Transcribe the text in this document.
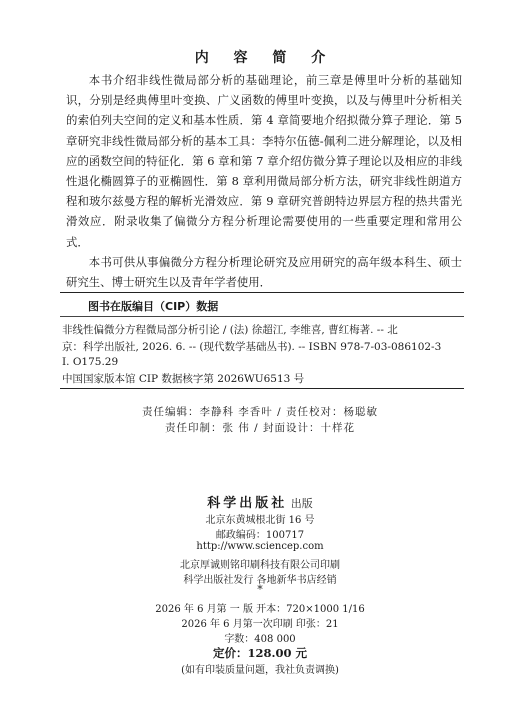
内 容 简 介

本书介绍非线性微局部分析的基础理论，前三章是傅里叶分析的基础知识，分别是经典傅里叶变换、广义函数的傅里叶变换，以及与傅里叶分析相关的索伯列夫空间的定义和基本性质．第 4 章简要地介绍拟微分算子理论．第 5 章研究非线性微局部分析的基本工具：李特尔伍德-佩利二进分解理论，以及相应的函数空间的特征化．第 6 章和第 7 章介绍仿微分算子理论以及相应的非线性退化椭圆算子的亚椭圆性．第 8 章利用微局部分析方法，研究非线性朗道方程和玻尔兹曼方程的解析光滑效应．第 9 章研究普朗特边界层方程的热共雷光滑效应．附录收集了偏微分方程分析理论需要使用的一些重要定理和常用公式．

本书可供从事偏微分方程分析理论研究及应用研究的高年级本科生、硕士研究生、博士研究生以及青年学者使用．

图书在版编目（CIP）数据
非线性偏微分方程微局部分析引论 / (法) 徐超江, 李维喜, 曹红梅著. -- 北
京：科学出版社, 2026. 6. -- (现代数学基础丛书). -- ISBN 978-7-03-086102-3
Ⅰ. O175.29
中国国家版本馆 CIP 数据核字第 2026WU6513 号
责任编辑：李静科 李香叶 / 责任校对：杨聪敏
责任印制：张 伟 / 封面设计：十样花
科学出版社 出版
北京东黄城根北街 16 号
邮政编码：100717
http://www.sciencep.com
北京厚诚则铭印刷科技有限公司印刷
科学出版社发行 各地新华书店经销
*
2026 年 6 月第 一 版 开本：720×1000 1/16
2026 年 6 月第一次印刷 印张：21
字数：408 000
定价：128.00 元
(如有印装质量问题，我社负责调换)
